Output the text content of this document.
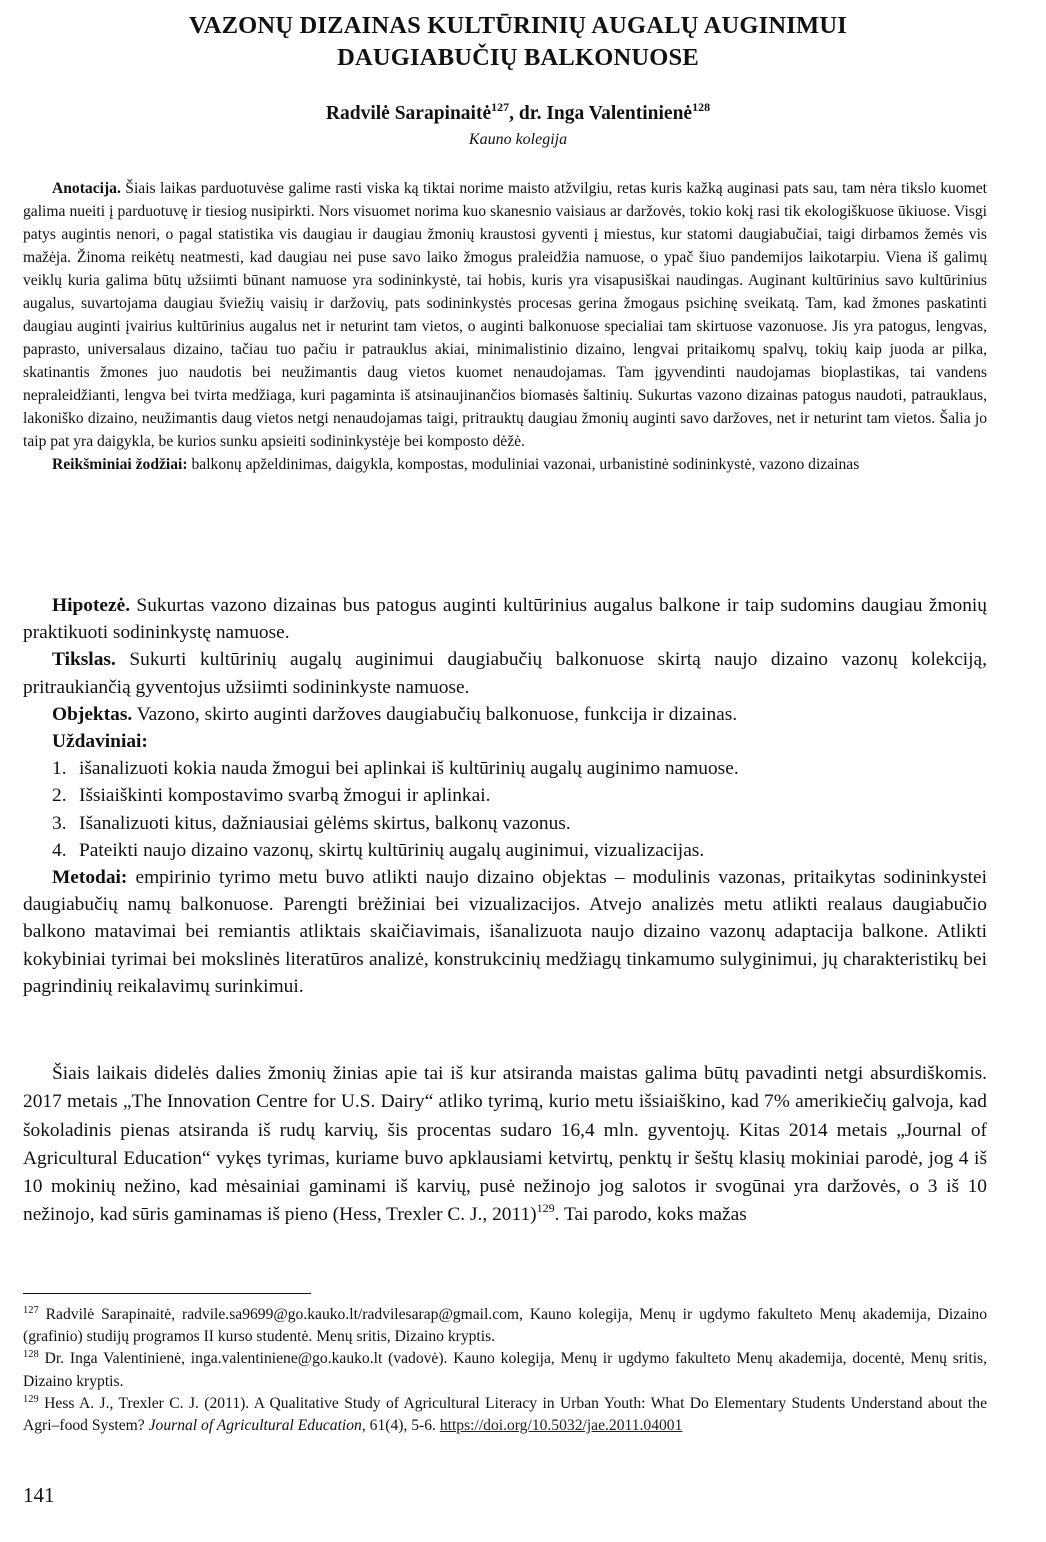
VAZONŲ DIZAINAS KULTŪRINIŲ AUGALŲ AUGINIMUI
DAUGIABUČIŲ BALKONUOSE
Radvilė Sarapinaitė$^{127}$, dr. Inga Valentinienė$^{128}$
Kauno kolegija

Anotacija. Šiais laikas parduotuvėse galime rasti viska ką tiktai norime maisto atžvilgiu, retas kuris kažką auginasi pats sau, tam nėra tikslo kuomet galima nueiti į parduotuvę ir tiesiog nusipirkti. Nors visuomet norima kuo skanesnio vaisiaus ar daržovės, tokio kokį rasi tik ekologiškuose ūkiuose. Visgi patys augintis nenori, o pagal statistika vis daugiau ir daugiau žmonių kraustosi gyventi į miestus, kur statomi daugiabučiai, taigi dirbamos žemės vis mažėja. Žinoma reikėtų neatmesti, kad daugiau nei puse savo laiko žmogus praleidžia namuose, o ypač šiuo pandemijos laikotarpiu. Viena iš galimų veiklų kuria galima būtų užsiimti būnant namuose yra sodininkystė, tai hobis, kuris yra visapusiškai naudingas. Auginant kultūrinius savo kultūrinius augalus, suvartojama daugiau šviežių vaisių ir daržovių, pats sodininkystės procesas gerina žmogaus psichinę sveikatą. Tam, kad žmones paskatinti daugiau auginti įvairius kultūrinius augalus net ir neturint tam vietos, o auginti balkonuose specialiai tam skirtuose vazonuose. Jis yra patogus, lengvas, paprasto, universalaus dizaino, tačiau tuo pačiu ir patrauklus akiai, minimalistinio dizaino, lengvai pritaikomų spalvų, tokių kaip juoda ar pilka, skatinantis žmones juo naudotis bei neužimantis daug vietos kuomet nenaudojamas. Tam įgyvendinti naudojamas bioplastikas, tai vandens nepraleidžianti, lengva bei tvirta medžiaga, kuri pagaminta iš atsinaujinančios biomasės šaltinių. Sukurtas vazono dizainas patogus naudoti, patrauklaus, lakoniško dizaino, neužimantis daug vietos netgi nenaudojamas taigi, pritrauktų daugiau žmonių auginti savo daržoves, net ir neturint tam vietos. Šalia jo taip pat yra daigykla, be kurios sunku apsieiti sodininkystėje bei komposto dėžė.

Reikšminiai žodžiai: balkonų apželdinimas, daigykla, kompostas, moduliniai vazonai, urbanistinė sodininkystė, vazono dizainas

Hipotezė. Sukurtas vazono dizainas bus patogus auginti kultūrinius augalus balkone ir taip sudomins daugiau žmonių praktikuoti sodininkystę namuose.

Tikslas. Sukurti kultūrinių augalų auginimui daugiabučių balkonuose skirtą naujo dizaino vazonų kolekciją, pritraukiančią gyventojus užsiimti sodininkyste namuose.

Objektas. Vazono, skirto auginti daržoves daugiabučių balkonuose, funkcija ir dizainas.

Uždaviniai:

1. išanalizuoti kokia nauda žmogui bei aplinkai iš kultūrinių augalų auginimo namuose.
2. Išsiaiškinti kompostavimo svarbą žmogui ir aplinkai.
3. Išanalizuoti kitus, dažniausiai gėlėms skirtus, balkonų vazonus.
4. Pateikti naujo dizaino vazonų, skirtų kultūrinių augalų auginimui, vizualizacijas.

Metodai: empirinio tyrimo metu buvo atlikti naujo dizaino objektas – modulinis vazonas, pritaikytas sodininkystei daugiabučių namų balkonuose. Parengti brėžiniai bei vizualizacijos. Atvejo analizės metu atlikti realaus daugiabučio balkono matavimai bei remiantis atliktais skaičiavimais, išanalizuota naujo dizaino vazonų adaptacija balkone. Atlikti kokybiniai tyrimai bei mokslinės literatūros analizė, konstrukcinių medžiagų tinkamumo sulyginimui, jų charakteristikų bei pagrindinių reikalavimų surinkimui.

Šiais laikais didelės dalies žmonių žinias apie tai iš kur atsiranda maistas galima būtų pavadinti netgi absurdiškomis. 2017 metais „The Innovation Centre for U.S. Dairy“ atliko tyrimą, kurio metu išsiaiškino, kad 7% amerikiečių galvoja, kad šokoladinis pienas atsiranda iš rudų karvių, šis procentas sudaro 16,4 mln. gyventojų. Kitas 2014 metais „Journal of Agricultural Education“ vykęs tyrimas, kuriame buvo apklausiami ketvirtų, penktų ir šeštų klasių mokiniai parodė, jog 4 iš 10 mokinių nežino, kad mėsainiai gaminami iš karvių, pusė nežinojo jog salotos ir svogūnai yra daržovės, o 3 iš 10 nežinojo, kad sūris gaminamas iš pieno (Hess, Trexler C. J., 2011)$^{129}$. Tai parodo, koks mažas

$^{127}$ Radvilė Sarapinaitė, radvile.sa9699@go.kauko.lt/radvilesarap@gmail.com, Kauno kolegija, Menų ir ugdymo fakulteto Menų akademija, Dizaino (grafinio) studijų programos II kurso studentė. Menų sritis, Dizaino kryptis.

$^{128}$ Dr. Inga Valentinienė, inga.valentiniene@go.kauko.lt (vadovė). Kauno kolegija, Menų ir ugdymo fakulteto Menų akademija, docentė, Menų sritis, Dizaino kryptis.

$^{129}$ Hess A. J., Trexler C. J. (2011). A Qualitative Study of Agricultural Literacy in Urban Youth: What Do Elementary Students Understand about the Agri–food System? Journal of Agricultural Education, 61(4), 5-6. https://doi.org/10.5032/jae.2011.04001

141
